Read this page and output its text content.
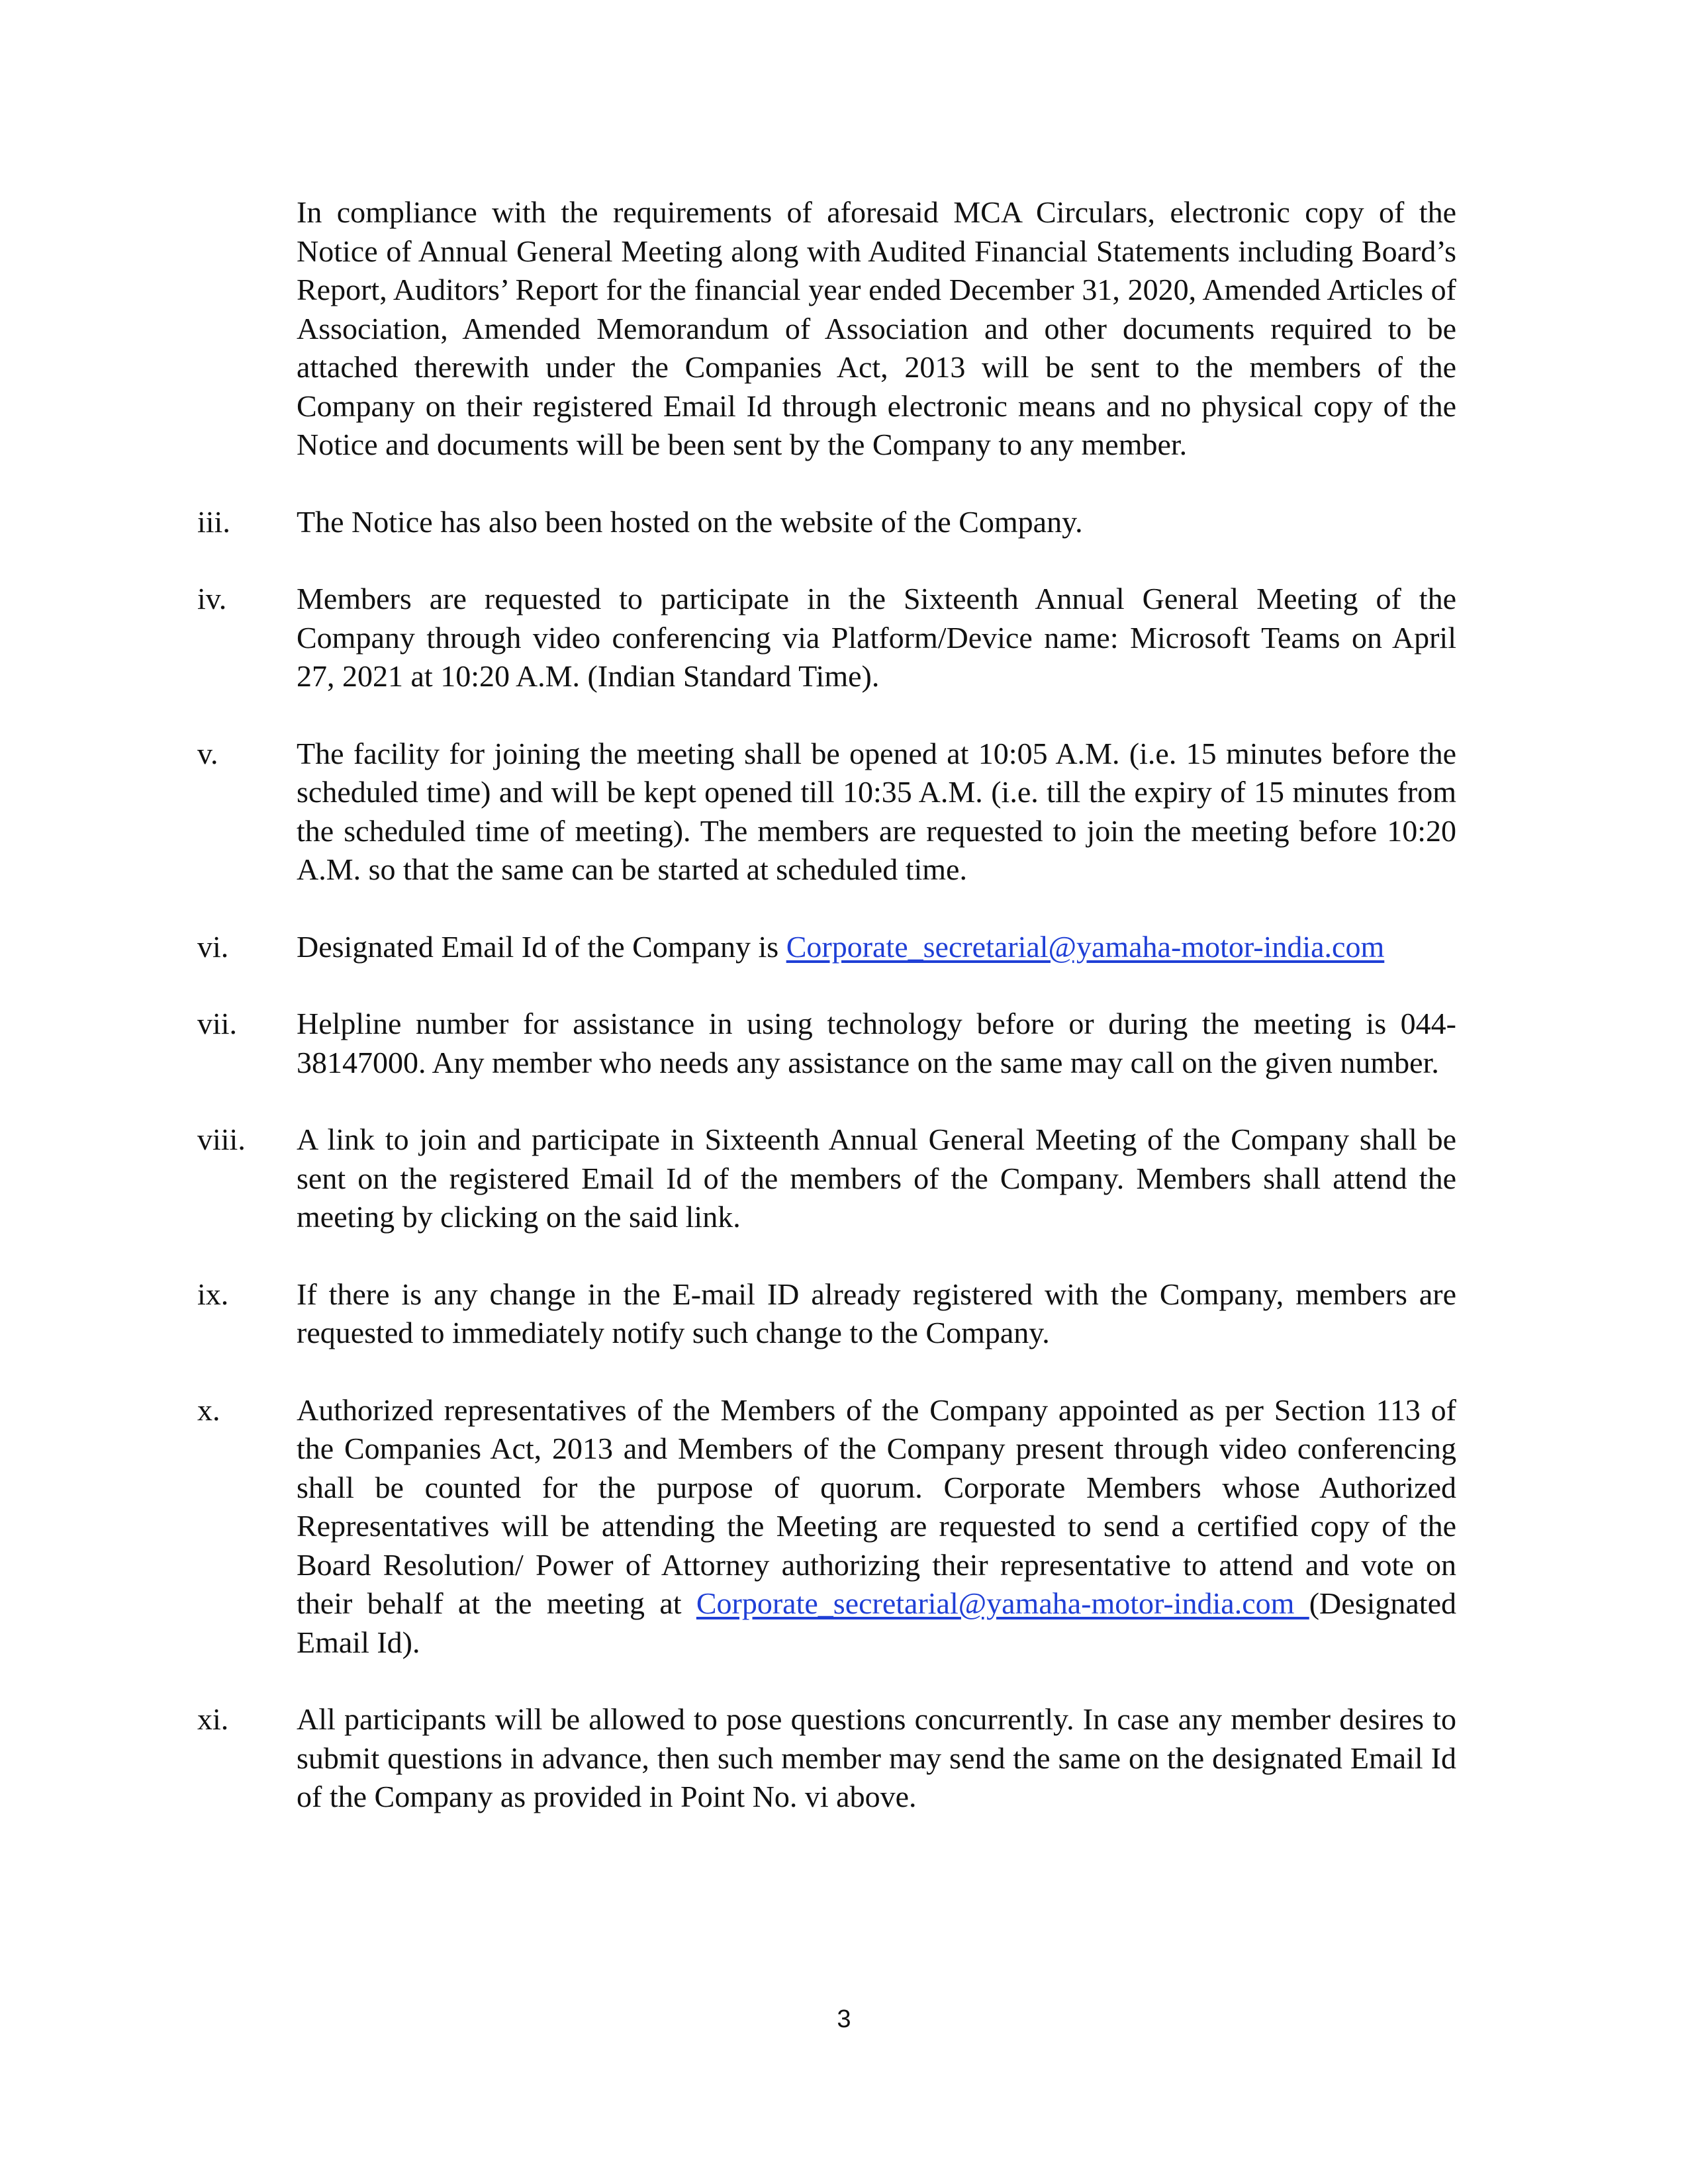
In compliance with the requirements of aforesaid MCA Circulars, electronic copy of the Notice of Annual General Meeting along with Audited Financial Statements including Board’s Report, Auditors’ Report for the financial year ended December 31, 2020, Amended Articles of Association, Amended Memorandum of Association and other documents required to be attached therewith under the Companies Act, 2013 will be sent to the members of the Company on their registered Email Id through electronic means and no physical copy of the Notice and documents will be been sent by the Company to any member.

iii.	The Notice has also been hosted on the website of the Company.

iv.	Members are requested to participate in the Sixteenth Annual General Meeting of the Company through video conferencing via Platform/Device name: Microsoft Teams on April 27, 2021 at 10:20 A.M. (Indian Standard Time).

v.	The facility for joining the meeting shall be opened at 10:05 A.M. (i.e. 15 minutes before the scheduled time) and will be kept opened till 10:35 A.M. (i.e. till the expiry of 15 minutes from the scheduled time of meeting). The members are requested to join the meeting before 10:20 A.M. so that the same can be started at scheduled time.

vi.	Designated Email Id of the Company is Corporate_secretarial@yamaha-motor-india.com

vii.	Helpline number for assistance in using technology before or during the meeting is 044-38147000. Any member who needs any assistance on the same may call on the given number.

viii.	A link to join and participate in Sixteenth Annual General Meeting of the Company shall be sent on the registered Email Id of the members of the Company. Members shall attend the meeting by clicking on the said link.

ix.	If there is any change in the E-mail ID already registered with the Company, members are requested to immediately notify such change to the Company.

x.	Authorized representatives of the Members of the Company appointed as per Section 113 of the Companies Act, 2013 and Members of the Company present through video conferencing shall be counted for the purpose of quorum. Corporate Members whose Authorized Representatives will be attending the Meeting are requested to send a certified copy of the Board Resolution/ Power of Attorney authorizing their representative to attend and vote on their behalf at the meeting at Corporate_secretarial@yamaha-motor-india.com (Designated Email Id).

xi.	All participants will be allowed to pose questions concurrently. In case any member desires to submit questions in advance, then such member may send the same on the designated Email Id of the Company as provided in Point No. vi above.

3
